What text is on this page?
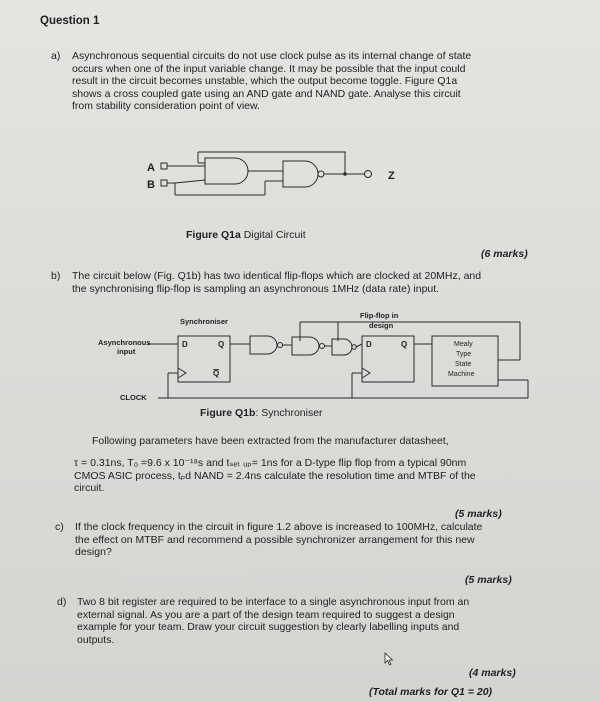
Question 1
a) Asynchronous sequential circuits do not use clock pulse as its internal change of state
occurs when one of the input variable change. It may be possible that the input could
result in the circuit becomes unstable, which the output become toggle. Figure Q1a
shows a cross coupled gate using an AND gate and NAND gate. Analyse this circuit
from stability consideration point of view.
A
B
Z
Figure Q1a Digital Circuit
(6 marks)
b) The circuit below (Fig. Q1b) has two identical flip-flops which are clocked at 20MHz, and
the synchronising flip-flop is sampling an asynchronous 1MHz (data rate) input.
Synchroniser
Flip-flop in
design
Asynchronous
input
CLOCK
D	Q
Q
D	Q	Mealy
Type
State
Machine
Figure Q1b: Synchroniser
Following parameters have been extracted from the manufacturer datasheet,
τ = 0.31ns, T₀ =9.6 x 10⁻¹⁸s and tₛₑₜ ᵤₚ= 1ns for a D-type flip flop from a typical 90nm
CMOS ASIC process, tₚd NAND = 2.4ns calculate the resolution time and MTBF of the
circuit.
(5 marks)
c) If the clock frequency in the circuit in figure 1.2 above is increased to 100MHz, calculate
the effect on MTBF and recommend a possible synchronizer arrangement for this new
design?
(5 marks)
d) Two 8 bit register are required to be interface to a single asynchronous input from an
external signal. As you are a part of the design team required to suggest a design
example for your team. Draw your circuit suggestion by clearly labelling inputs and
outputs.
(4 marks)
(Total marks for Q1 = 20)
